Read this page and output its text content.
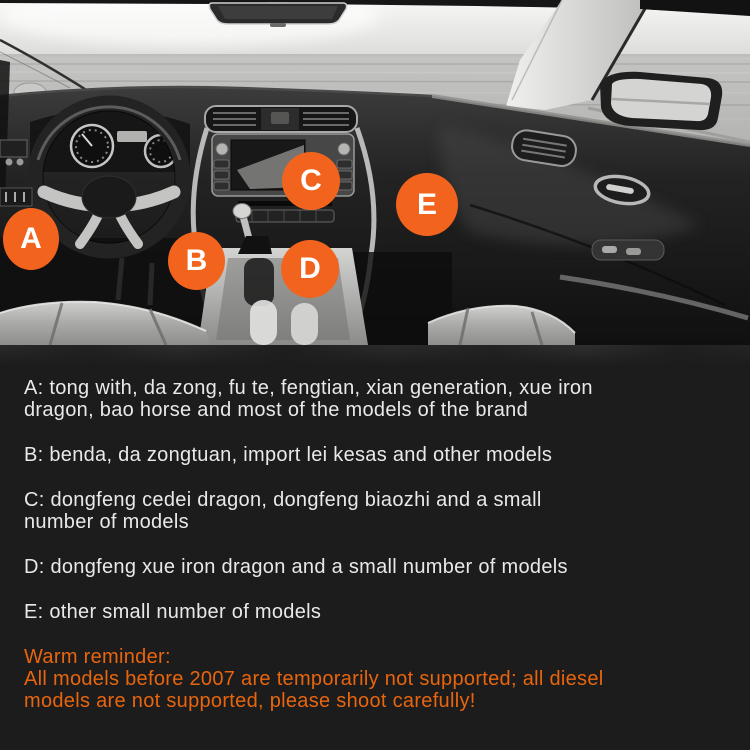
A
B
C
D
E

A: tong with, da zong, fu te, fengtian, xian generation, xue iron
dragon, bao horse and most of the models of the brand

B: benda, da zongtuan, import lei kesas and other models

C: dongfeng cedei dragon, dongfeng biaozhi and a small
number of models

D: dongfeng xue iron dragon and a small number of models

E: other small number of models

Warm reminder:
All models before 2007 are temporarily not supported; all diesel
models are not supported, please shoot carefully!
